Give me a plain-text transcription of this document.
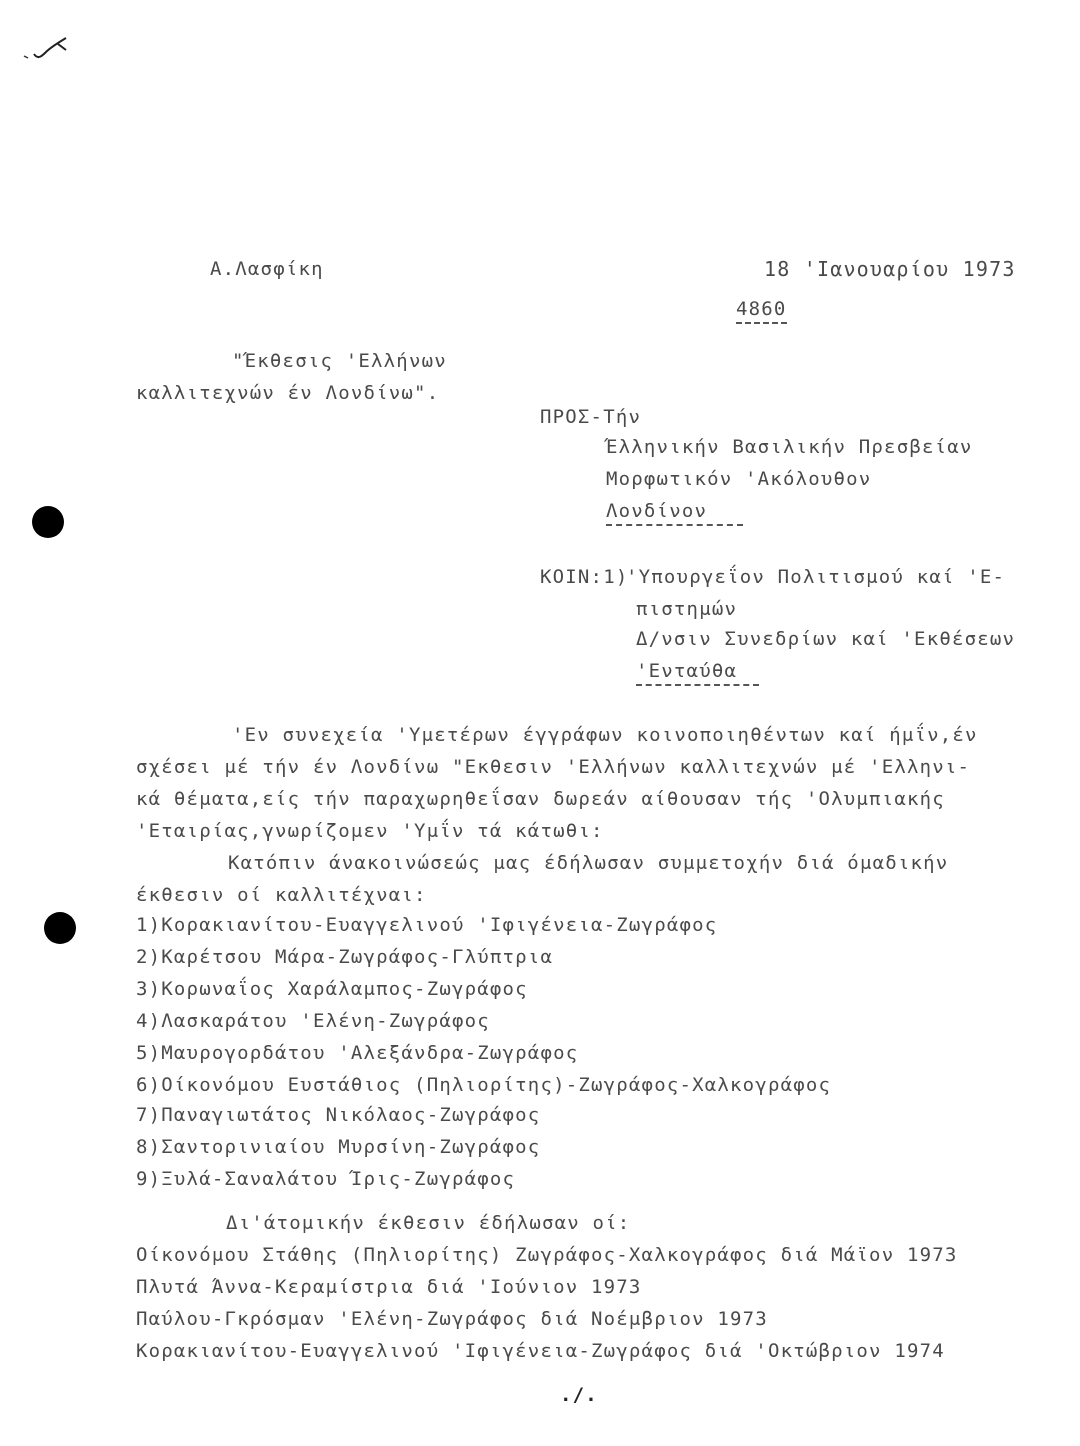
Α.Λασφίκη	18 'Ιανουαρίου 1973
4860
"Έκθεσις 'Ελλήνων
καλλιτεχνών έν Λονδίνω".
ΠΡΟΣ-Τήν
Έλληνικήν Βασιλικήν Πρεσβείαν
Μορφωτικόν 'Ακόλουθον
Λονδίνον
ΚΟΙΝ:1)
'Υπουργεΐον Πολιτισμού καί 'Ε-
πιστημών
Δ/νσιν Συνεδρίων καί 'Εκθέσεων
'Ενταύθα
'Εν συνεχεία 'Υμετέρων έγγράφων κοινοποιηθέντων καί ήμΐν,έν
σχέσει μέ τήν έν Λονδίνω "Εκθεσιν 'Ελλήνων καλλιτεχνών μέ 'Ελληνι-
κά θέματα,είς τήν παραχωρηθεΐσαν δωρεάν αίθουσαν τής 'Ολυμπιακής
'Εταιρίας,γνωρίζομεν 'Υμΐν τά κάτωθι:
Κατόπιν άνακοινώσεώς μας έδήλωσαν συμμετοχήν διά όμαδικήν
έκθεσιν οί καλλιτέχναι:
1)Κορακιανίτου-Ευαγγελινού 'Ιφιγένεια-Ζωγράφος
2)Καρέτσου Μάρα-Ζωγράφος-Γλύπτρια
3)Κορωναΐος Χαράλαμπος-Ζωγράφος
4)Λασκαράτου 'Ελένη-Ζωγράφος
5)Μαυρογορδάτου 'Αλεξάνδρα-Ζωγράφος
6)Οίκονόμου Ευστάθιος (Πηλιορίτης)-Ζωγράφος-Χαλκογράφος
7)Παναγιωτάτος Νικόλαος-Ζωγράφος
8)Σαντορινιαίου Μυρσίνη-Ζωγράφος
9)Ξυλά-Σαναλάτου Ίρις-Ζωγράφος
Δι'άτομικήν έκθεσιν έδήλωσαν οί:
Οίκονόμου Στάθης (Πηλιορίτης) Ζωγράφος-Χαλκογράφος διά Μάϊον 1973
Πλυτά Άννα-Κεραμίστρια διά 'Ιούνιον 1973
Παύλου-Γκρόσμαν 'Ελένη-Ζωγράφος διά Νοέμβριον 1973
Κορακιανίτου-Ευαγγελινού 'Ιφιγένεια-Ζωγράφος διά 'Οκτώβριον 1974
./.
